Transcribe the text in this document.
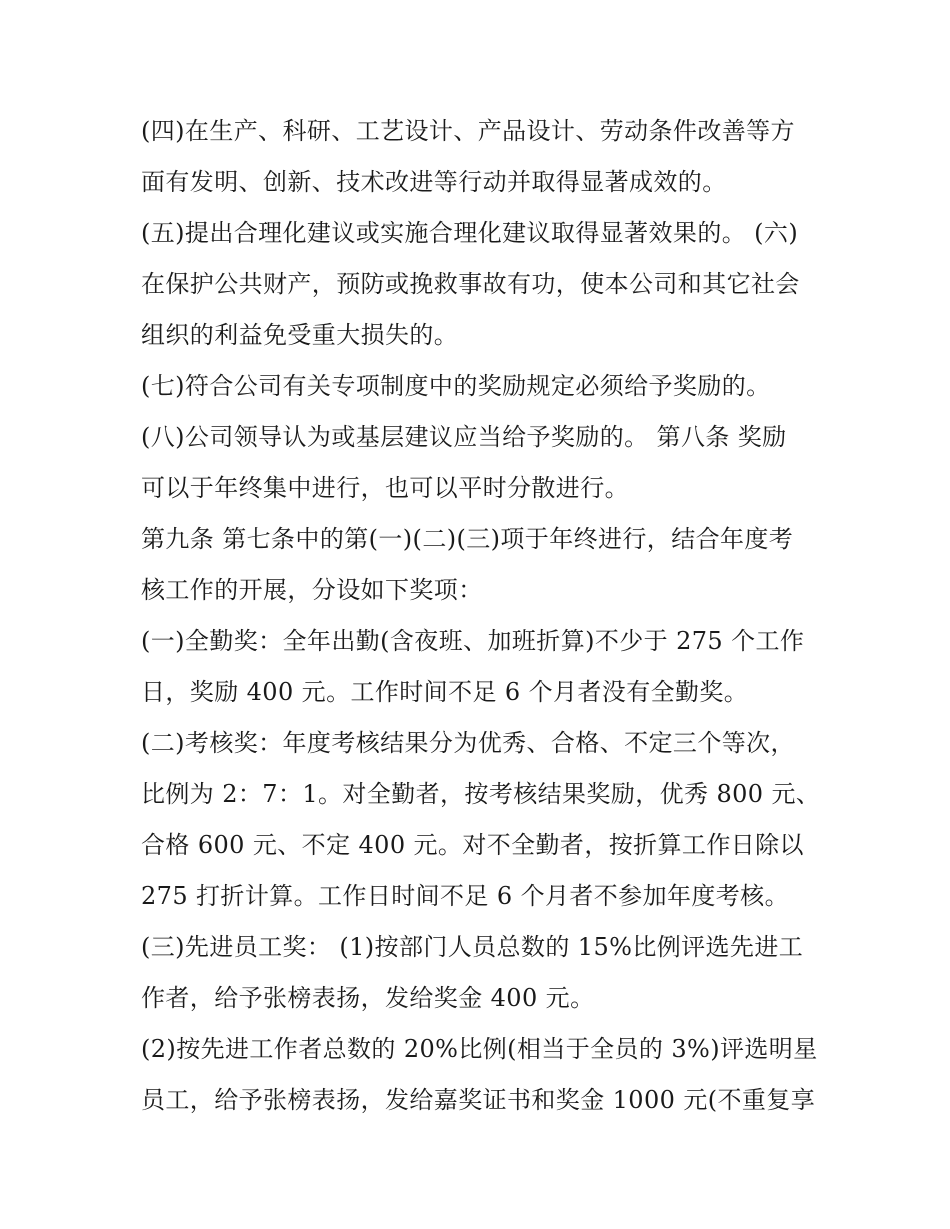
(四)在生产、科研、工艺设计、产品设计、劳动条件改善等方
面有发明、创新、技术改进等行动并取得显著成效的。
(五)提出合理化建议或实施合理化建议取得显著效果的。 (六)
在保护公共财产，预防或挽救事故有功，使本公司和其它社会
组织的利益免受重大损失的。
(七)符合公司有关专项制度中的奖励规定必须给予奖励的。
(八)公司领导认为或基层建议应当给予奖励的。 第八条 奖励
可以于年终集中进行，也可以平时分散进行。
第九条 第七条中的第(一)(二)(三)项于年终进行，结合年度考
核工作的开展，分设如下奖项：
(一)全勤奖：全年出勤(含夜班、加班折算)不少于 275 个工作
日，奖励 400 元。工作时间不足 6 个月者没有全勤奖。
(二)考核奖：年度考核结果分为优秀、合格、不定三个等次，
比例为 2：7：1。对全勤者，按考核结果奖励，优秀 800 元、
合格 600 元、不定 400 元。对不全勤者，按折算工作日除以
275 打折计算。工作日时间不足 6 个月者不参加年度考核。
(三)先进员工奖： (1)按部门人员总数的 15%比例评选先进工
作者，给予张榜表扬，发给奖金 400 元。
(2)按先进工作者总数的 20%比例(相当于全员的 3%)评选明星
员工，给予张榜表扬，发给嘉奖证书和奖金 1000 元(不重复享
